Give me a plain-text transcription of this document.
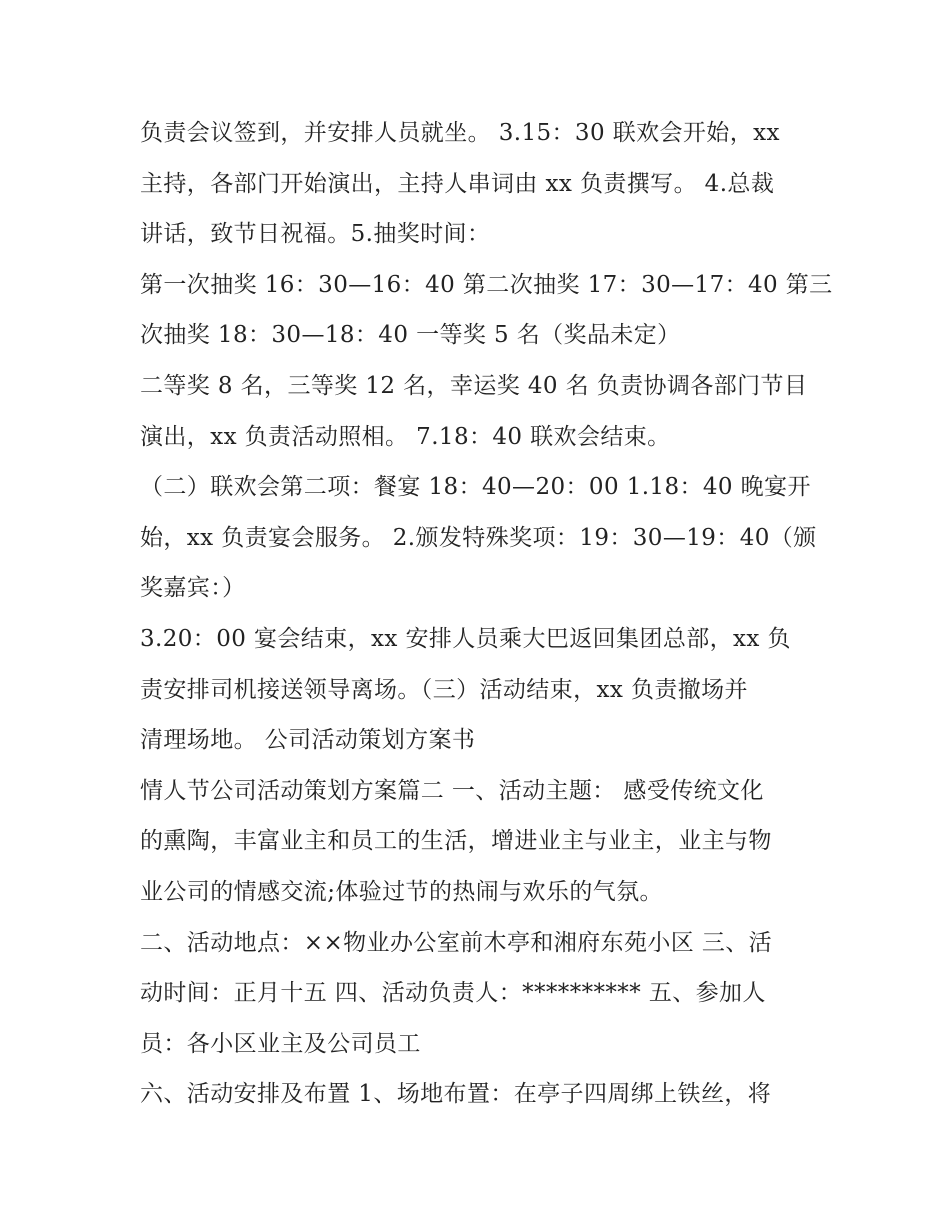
负责会议签到，并安排人员就坐。 3.15：30 联欢会开始，xx
主持，各部门开始演出，主持人串词由 xx 负责撰写。 4.总裁
讲话，致节日祝福。5.抽奖时间：
第一次抽奖 16：30—16：40 第二次抽奖 17：30—17：40 第三
次抽奖 18：30—18：40 一等奖 5 名（奖品未定）
二等奖 8 名，三等奖 12 名，幸运奖 40 名 负责协调各部门节目
演出，xx 负责活动照相。 7.18：40 联欢会结束。
（二）联欢会第二项：餐宴 18：40—20：00 1.18：40 晚宴开
始，xx 负责宴会服务。 2.颁发特殊奖项：19：30—19：40（颁
奖嘉宾：）
3.20：00 宴会结束，xx 安排人员乘大巴返回集团总部，xx 负
责安排司机接送领导离场。（三）活动结束，xx 负责撤场并
清理场地。 公司活动策划方案书
情人节公司活动策划方案篇二 一、活动主题： 感受传统文化
的熏陶，丰富业主和员工的生活，增进业主与业主，业主与物
业公司的情感交流;体验过节的热闹与欢乐的气氛。
二、活动地点：××物业办公室前木亭和湘府东苑小区 三、活
动时间：正月十五 四、活动负责人：********** 五、参加人
员：各小区业主及公司员工
六、活动安排及布置 1、场地布置：在亭子四周绑上铁丝，将
